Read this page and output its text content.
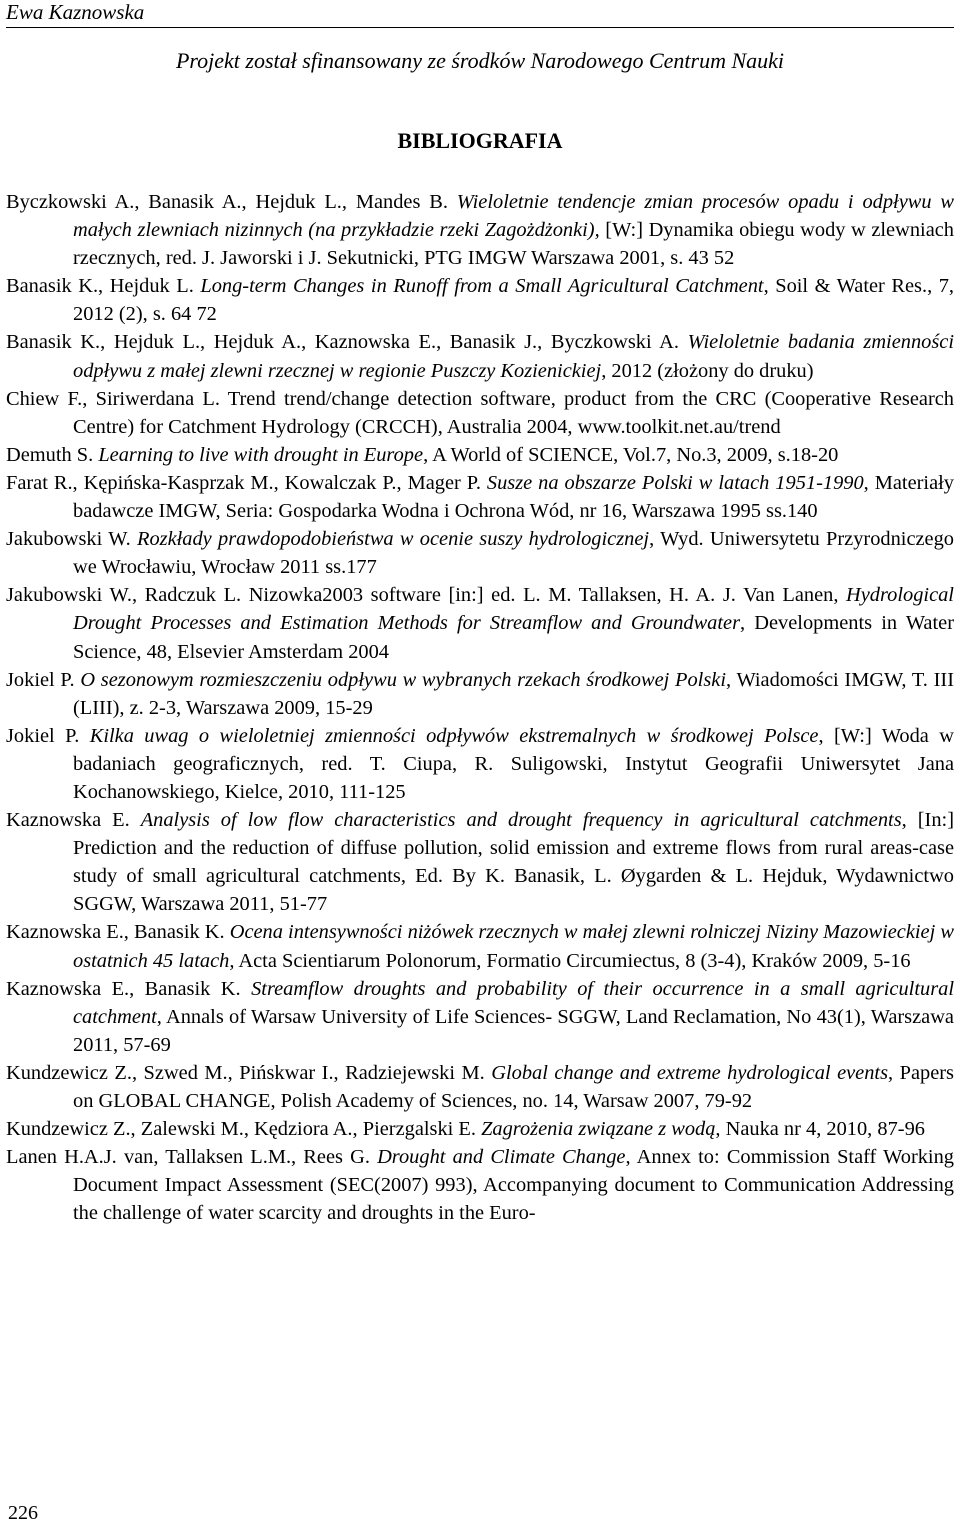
Ewa Kaznowska
Projekt został sfinansowany ze środków Narodowego Centrum Nauki
BIBLIOGRAFIA
Byczkowski A., Banasik A., Hejduk L., Mandes B. Wieloletnie tendencje zmian procesów opadu i odpływu w małych zlewniach nizinnych (na przykładzie rzeki Zagożdżonki), [W:] Dynamika obiegu wody w zlewniach rzecznych, red. J. Jaworski i J. Sekutnicki, PTG IMGW Warszawa 2001, s. 43 52
Banasik K., Hejduk L. Long-term Changes in Runoff from a Small Agricultural Catchment, Soil & Water Res., 7, 2012 (2), s. 64 72
Banasik K., Hejduk L., Hejduk A., Kaznowska E., Banasik J., Byczkowski A. Wieloletnie badania zmienności odpływu z małej zlewni rzecznej w regionie Puszczy Kozienickiej, 2012 (złożony do druku)
Chiew F., Siriwerdana L. Trend trend/change detection software, product from the CRC (Cooperative Research Centre) for Catchment Hydrology (CRCCH), Australia 2004, www.toolkit.net.au/trend
Demuth S. Learning to live with drought in Europe, A World of SCIENCE, Vol.7, No.3, 2009, s.18-20
Farat R., Kępińska-Kasprzak M., Kowalczak P., Mager P. Susze na obszarze Polski w latach 1951-1990, Materiały badawcze IMGW, Seria: Gospodarka Wodna i Ochrona Wód, nr 16, Warszawa 1995 ss.140
Jakubowski W. Rozkłady prawdopodobieństwa w ocenie suszy hydrologicznej, Wyd. Uniwersytetu Przyrodniczego we Wrocławiu, Wrocław 2011 ss.177
Jakubowski W., Radczuk L. Nizowka2003 software [in:] ed. L. M. Tallaksen, H. A. J. Van Lanen, Hydrological Drought Processes and Estimation Methods for Streamflow and Groundwater, Developments in Water Science, 48, Elsevier Amsterdam 2004
Jokiel P. O sezonowym rozmieszczeniu odpływu w wybranych rzekach środkowej Polski, Wiadomości IMGW, T. III (LIII), z. 2-3, Warszawa 2009, 15-29
Jokiel P. Kilka uwag o wieloletniej zmienności odpływów ekstremalnych w środkowej Polsce, [W:] Woda w badaniach geograficznych, red. T. Ciupa, R. Suligowski, Instytut Geografii Uniwersytet Jana Kochanowskiego, Kielce, 2010, 111-125
Kaznowska E. Analysis of low flow characteristics and drought frequency in agricultural catchments, [In:] Prediction and the reduction of diffuse pollution, solid emission and extreme flows from rural areas-case study of small agricultural catchments, Ed. By K. Banasik, L. Øygarden & L. Hejduk, Wydawnictwo SGGW, Warszawa 2011, 51-77
Kaznowska E., Banasik K. Ocena intensywności niżówek rzecznych w małej zlewni rolniczej Niziny Mazowieckiej w ostatnich 45 latach, Acta Scientiarum Polonorum, Formatio Circumiectus, 8 (3-4), Kraków 2009, 5-16
Kaznowska E., Banasik K. Streamflow droughts and probability of their occurrence in a small agricultural catchment, Annals of Warsaw University of Life Sciences- SGGW, Land Reclamation, No 43(1), Warszawa 2011, 57-69
Kundzewicz Z., Szwed M., Pińskwar I., Radziejewski M. Global change and extreme hydrological events, Papers on GLOBAL CHANGE, Polish Academy of Sciences, no. 14, Warsaw 2007, 79-92
Kundzewicz Z., Zalewski M., Kędziora A., Pierzgalski E. Zagrożenia związane z wodą, Nauka nr 4, 2010, 87-96
Lanen H.A.J. van, Tallaksen L.M., Rees G. Drought and Climate Change, Annex to: Commission Staff Working Document Impact Assessment (SEC(2007) 993), Accompanying document to Communication Addressing the challenge of water scarcity and droughts in the Euro-
226
